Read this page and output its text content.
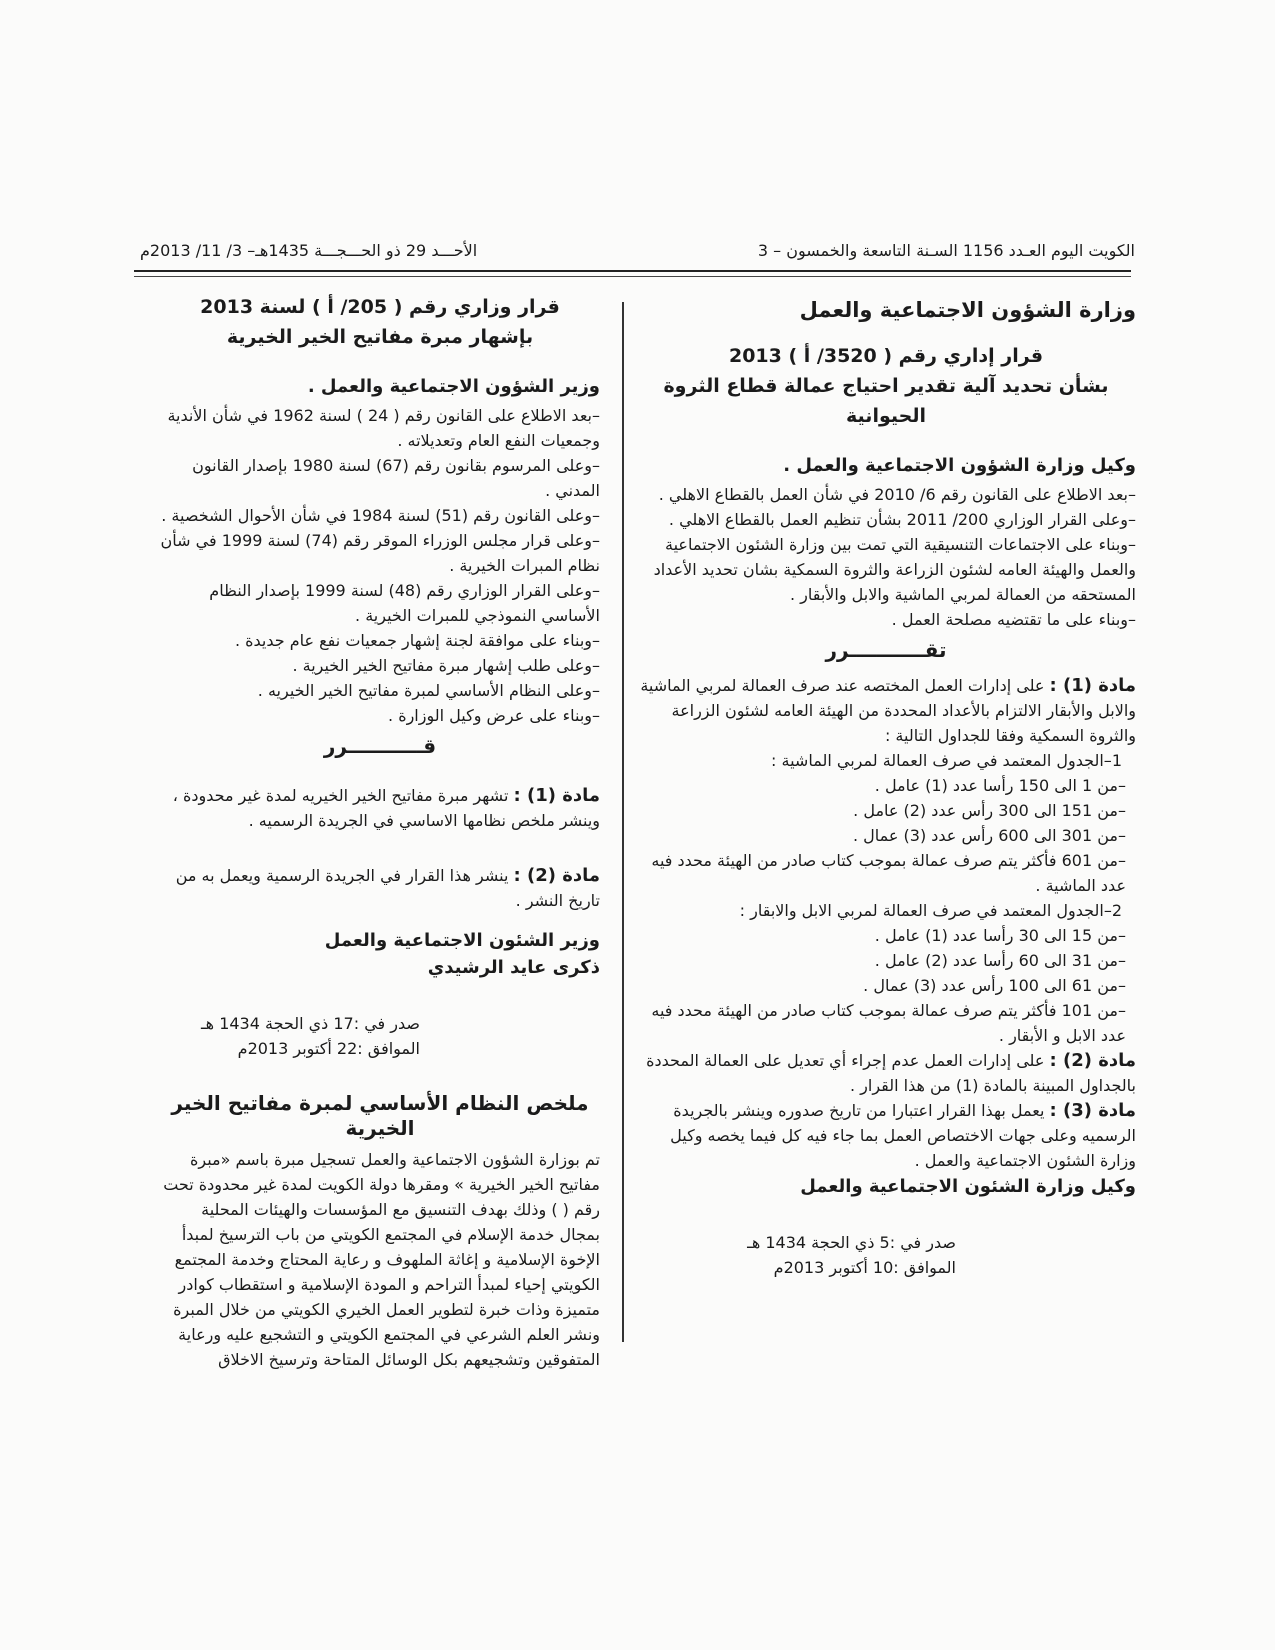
الكويت اليوم العـدد 1156 السـنة التاسعة والخمسون – 3
الأحـــد 29 ذو الحـــجـــة 1435هـ– 3/ 11/ 2013م

وزارة الشؤون الاجتماعية والعمل

قرار إداري رقم ( 3520/ أ ) 2013

بشأن تحديد آلية تقدير احتياج عمالة قطاع الثروة الحيوانية

وكيل وزارة الشؤون الاجتماعية والعمل .

–بعد الاطلاع على القانون رقم 6/ 2010 في شأن العمل بالقطاع الاهلي .

–وعلى القرار الوزاري 200/ 2011 بشأن تنظيم العمل بالقطاع الاهلي .

–وبناء على الاجتماعات التنسيقية التي تمت بين وزارة الشئون الاجتماعية والعمل والهيئة العامه لشئون الزراعة والثروة السمكية بشان تحديد الأعداد المستحقه من العمالة لمربي الماشية والابل والأبقار .

–وبناء على ما تقتضيه مصلحة العمل .

تقـــــــــــرر

مادة (1) : على إدارات العمل المختصه عند صرف العمالة لمربي الماشية والابل والأبقار الالتزام بالأعداد المحددة من الهيئة العامه لشئون الزراعة والثروة السمكية وفقا للجداول التالية :

1–الجدول المعتمد في صرف العمالة لمربي الماشية :

–من 1 الى 150 رأسا عدد (1) عامل .

–من 151 الى 300 رأس عدد (2) عامل .

–من 301 الى 600 رأس عدد (3) عمال .

–من 601 فأكثر يتم صرف عمالة بموجب كتاب صادر من الهيئة محدد فيه عدد الماشية .

2–الجدول المعتمد في صرف العمالة لمربي الابل والابقار :

–من 15 الى 30 رأسا عدد (1) عامل .

–من 31 الى 60 رأسا عدد (2) عامل .

–من 61 الى 100 رأس عدد (3) عمال .

–من 101 فأكثر يتم صرف عمالة بموجب كتاب صادر من الهيئة محدد فيه عدد الابل و الأبقار .

مادة (2) : على إدارات العمل عدم إجراء أي تعديل على العمالة المحددة بالجداول المبينة بالمادة (1) من هذا القرار .

مادة (3) : يعمل بهذا القرار اعتبارا من تاريخ صدوره وينشر بالجريدة الرسميه وعلى جهات الاختصاص العمل بما جاء فيه كل فيما يخصه وكيل وزارة الشئون الاجتماعية والعمل .

وكيل وزارة الشئون الاجتماعية والعمل

صدر في :5 ذي الحجة 1434 هـ

الموافق :10 أكتوبر 2013م

قرار وزاري رقم ( 205/ أ ) لسنة 2013

بإشهار مبرة مفاتيح الخير الخيرية

وزير الشؤون الاجتماعية والعمل .

–بعد الاطلاع على القانون رقم ( 24 ) لسنة 1962 في شأن الأندية وجمعيات النفع العام وتعديلاته .

–وعلى المرسوم بقانون رقم (67) لسنة 1980 بإصدار القانون المدني .

–وعلى القانون رقم (51) لسنة 1984 في شأن الأحوال الشخصية .

–وعلى قرار مجلس الوزراء الموقر رقم (74) لسنة 1999 في شأن نظام المبرات الخيرية .

–وعلى القرار الوزاري رقم (48) لسنة 1999 بإصدار النظام الأساسي النموذجي للمبرات الخيرية .

–وبناء على موافقة لجنة إشهار جمعيات نفع عام جديدة .

–وعلى طلب إشهار مبرة مفاتيح الخير الخيرية .

–وعلى النظام الأساسي لمبرة مفاتيح الخير الخيريه .

–وبناء على عرض وكيل الوزارة .

قـــــــــــرر

مادة (1) : تشهر مبرة مفاتيح الخير الخيريه لمدة غير محدودة ، وينشر ملخص نظامها الاساسي في الجريدة الرسميه .

مادة (2) : ينشر هذا القرار في الجريدة الرسمية ويعمل به من تاريخ النشر .

وزير الشئون الاجتماعية والعمل

ذكرى عايد الرشيدي

صدر في :17 ذي الحجة 1434 هـ

الموافق :22 أكتوبر 2013م

ملخص النظام الأساسي لمبرة مفاتيح الخير الخيرية

تم بوزارة الشؤون الاجتماعية والعمل تسجيل مبرة باسم «مبرة مفاتيح الخير الخيرية » ومقرها دولة الكويت لمدة غير محدودة تحت رقم ( ) وذلك بهدف التنسيق مع المؤسسات والهيئات المحلية بمجال خدمة الإسلام في المجتمع الكويتي من باب الترسيخ لمبدأ الإخوة الإسلامية و إغاثة الملهوف و رعاية المحتاج وخدمة المجتمع الكويتي إحياء لمبدأ التراحم و المودة الإسلامية و استقطاب كوادر متميزة وذات خبرة لتطوير العمل الخيري الكويتي من خلال المبرة ونشر العلم الشرعي في المجتمع الكويتي و التشجيع عليه ورعاية المتفوقين وتشجيعهم بكل الوسائل المتاحة وترسيخ الاخلاق
